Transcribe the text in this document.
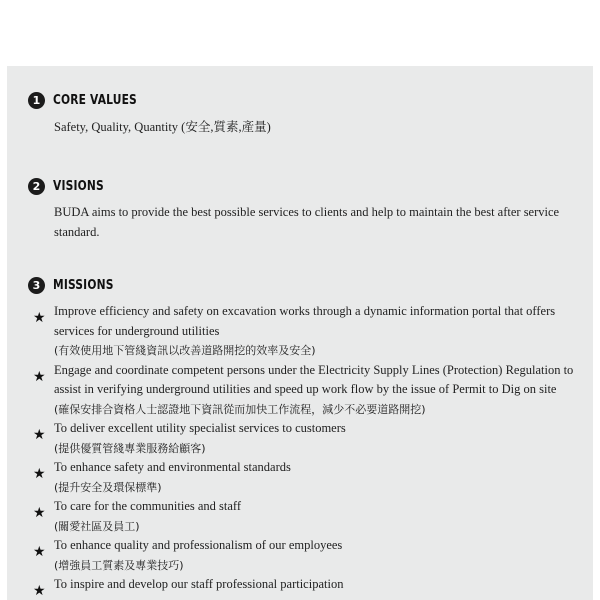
1 CORE VALUES
Safety, Quality, Quantity (安全,質素,產量)
2 VISIONS
BUDA aims to provide the best possible services to clients and help to maintain the best after service standard.
3 MISSIONS
★ Improve efficiency and safety on excavation works through a dynamic information portal that offers services for underground utilities
(有效使用地下管綫資訊以改善道路開挖的效率及安全)
★ Engage and coordinate competent persons under the Electricity Supply Lines (Protection) Regulation to assist in verifying underground utilities and speed up work flow by the issue of Permit to Dig on site
(確保安排合資格人士認證地下資訊從而加快工作流程，減少不必要道路開挖)
★ To deliver excellent utility specialist services to customers
(提供優質管綫專業服務給顧客)
★ To enhance safety and environmental standards
(提升安全及環保標準)
★ To care for the communities and staff
(關愛社區及員工)
★ To enhance quality and professionalism of our employees
(增強員工質素及專業技巧)
★ To inspire and develop our staff professional participation
